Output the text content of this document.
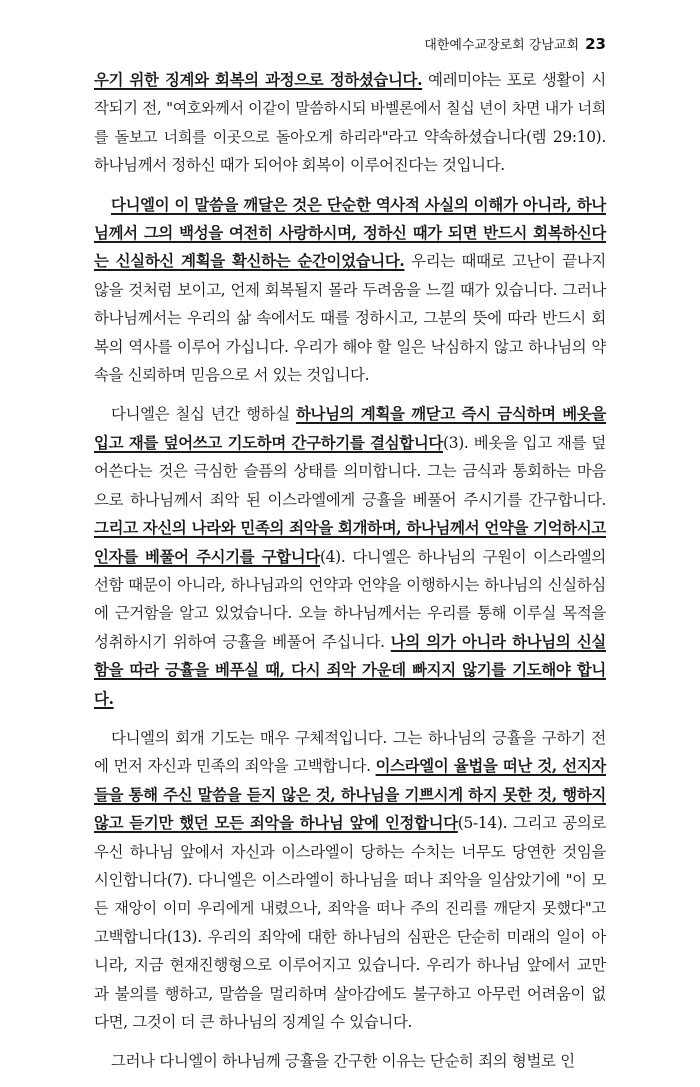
대한예수교장로회 강남교회 23

우기 위한 징계와 회복의 과정으로 정하셨습니다. 예레미야는 포로 생활이 시작되기 전, "여호와께서 이같이 말씀하시되 바벨론에서 칠십 년이 차면 내가 너희를 돌보고 너희를 이곳으로 돌아오게 하리라"라고 약속하셨습니다(렘 29:10). 하나님께서 정하신 때가 되어야 회복이 이루어진다는 것입니다.

다니엘이 이 말씀을 깨달은 것은 단순한 역사적 사실의 이해가 아니라, 하나님께서 그의 백성을 여전히 사랑하시며, 정하신 때가 되면 반드시 회복하신다는 신실하신 계획을 확신하는 순간이었습니다. 우리는 때때로 고난이 끝나지 않을 것처럼 보이고, 언제 회복될지 몰라 두려움을 느낄 때가 있습니다. 그러나 하나님께서는 우리의 삶 속에서도 때를 정하시고, 그분의 뜻에 따라 반드시 회복의 역사를 이루어 가십니다. 우리가 해야 할 일은 낙심하지 않고 하나님의 약속을 신뢰하며 믿음으로 서 있는 것입니다.

다니엘은 칠십 년간 행하실 하나님의 계획을 깨닫고 즉시 금식하며 베옷을 입고 재를 덮어쓰고 기도하며 간구하기를 결심합니다(3). 베옷을 입고 재를 덮어쓴다는 것은 극심한 슬픔의 상태를 의미합니다. 그는 금식과 통회하는 마음으로 하나님께서 죄악 된 이스라엘에게 긍휼을 베풀어 주시기를 간구합니다. 그리고 자신의 나라와 민족의 죄악을 회개하며, 하나님께서 언약을 기억하시고 인자를 베풀어 주시기를 구합니다(4). 다니엘은 하나님의 구원이 이스라엘의 선함 때문이 아니라, 하나님과의 언약과 언약을 이행하시는 하나님의 신실하심에 근거함을 알고 있었습니다. 오늘 하나님께서는 우리를 통해 이루실 목적을 성취하시기 위하여 긍휼을 베풀어 주십니다. 나의 의가 아니라 하나님의 신실함을 따라 긍휼을 베푸실 때, 다시 죄악 가운데 빠지지 않기를 기도해야 합니다.

다니엘의 회개 기도는 매우 구체적입니다. 그는 하나님의 긍휼을 구하기 전에 먼저 자신과 민족의 죄악을 고백합니다. 이스라엘이 율법을 떠난 것, 선지자들을 통해 주신 말씀을 듣지 않은 것, 하나님을 기쁘시게 하지 못한 것, 행하지 않고 듣기만 했던 모든 죄악을 하나님 앞에 인정합니다(5-14). 그리고 공의로우신 하나님 앞에서 자신과 이스라엘이 당하는 수치는 너무도 당연한 것임을 시인합니다(7). 다니엘은 이스라엘이 하나님을 떠나 죄악을 일삼았기에 "이 모든 재앙이 이미 우리에게 내렸으나, 죄악을 떠나 주의 진리를 깨닫지 못했다"고 고백합니다(13). 우리의 죄악에 대한 하나님의 심판은 단순히 미래의 일이 아니라, 지금 현재진행형으로 이루어지고 있습니다. 우리가 하나님 앞에서 교만과 불의를 행하고, 말씀을 멀리하며 살아감에도 불구하고 아무런 어려움이 없다면, 그것이 더 큰 하나님의 징계일 수 있습니다.

그러나 다니엘이 하나님께 긍휼을 간구한 이유는 단순히 죄의 형벌로 인
